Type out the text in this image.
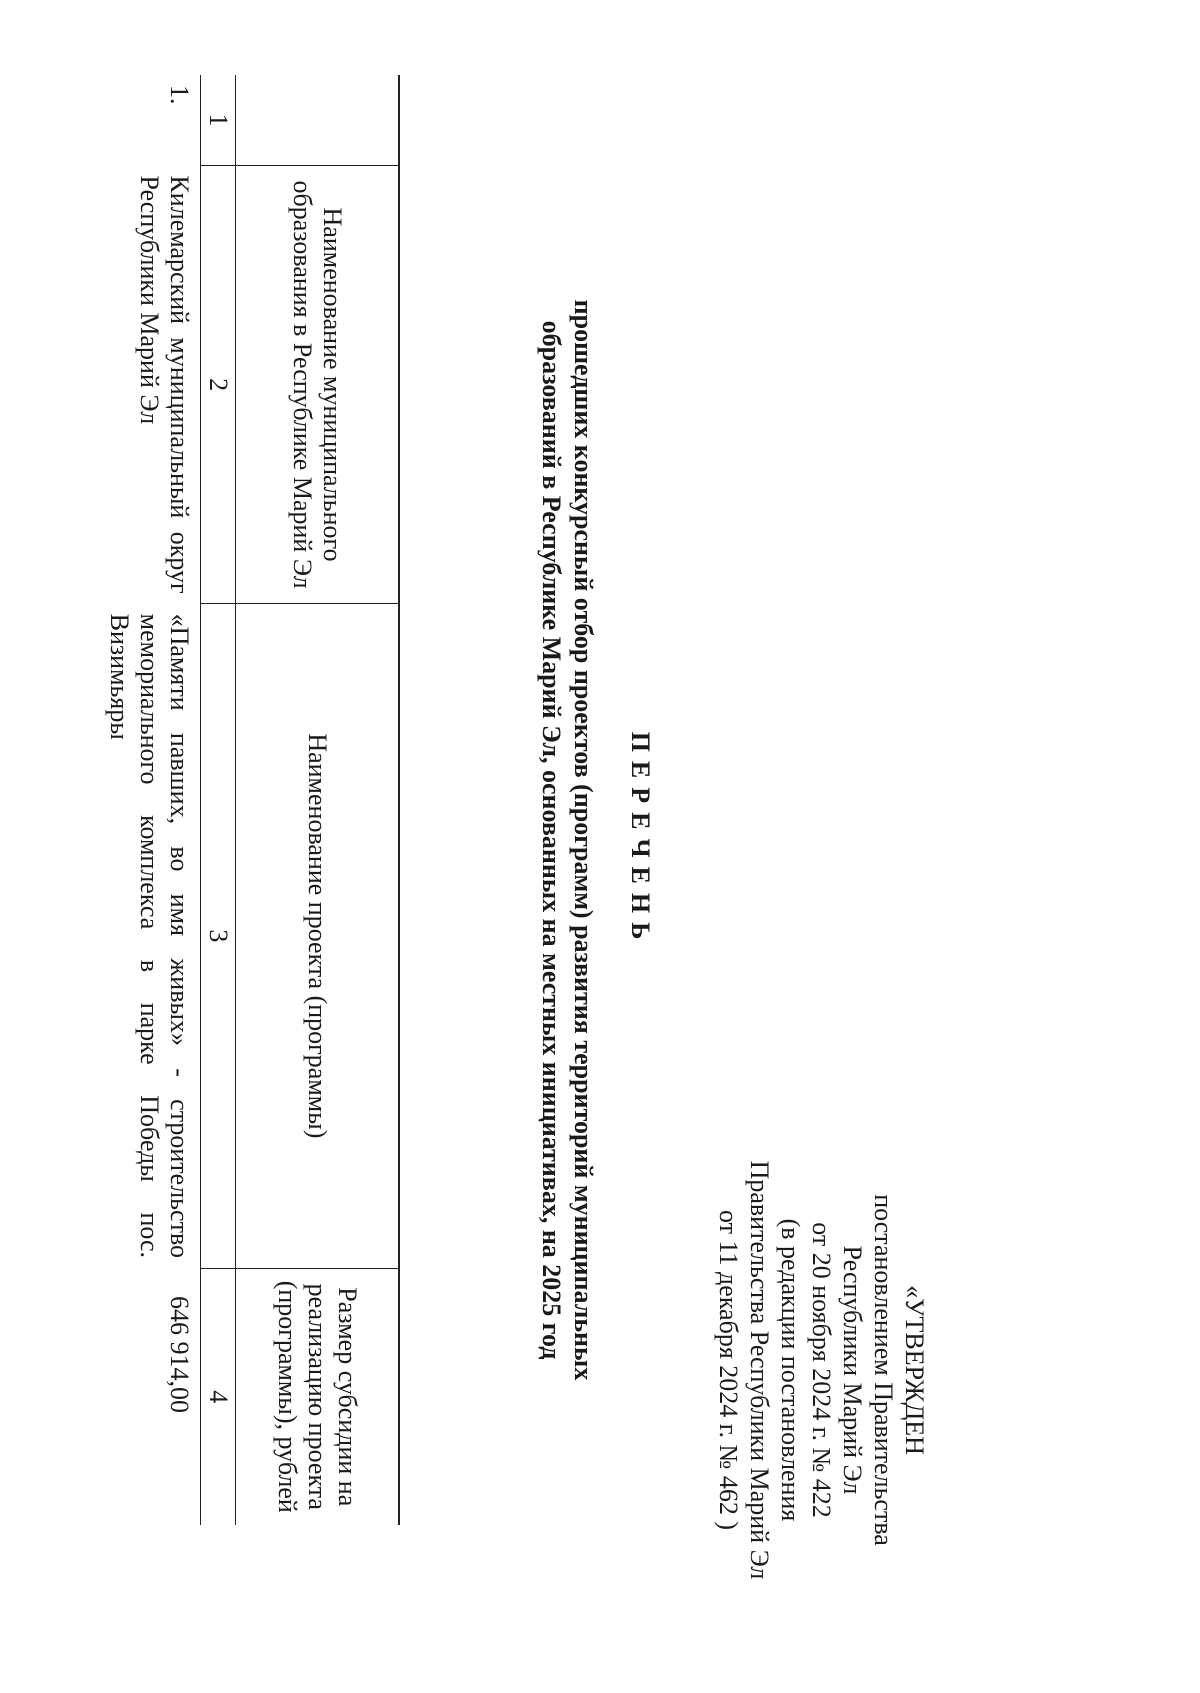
«УТВЕРЖДЕН
постановлением Правительства
Республики Марий Эл
от 20 ноября 2024 г. № 422
(в редакции постановления
Правительства Республики Марий Эл
от 11 декабря 2024 г. № 462 )
ПЕРЕЧЕНЬ
прошедших конкурсный отбор проектов (программ) развития территорий муниципальных
образований в Республике Марий Эл, основанных на местных инициативах, на 2025 год
	Наименование муниципального образования в Республике Марий Эл	Наименование проекта (программы)	Размер субсидии на реализацию проекта (программы), рублей
1	2	3	4
1.	Килемарский муниципальный округ Республики Марий Эл	«Памяти павших, во имя живых» - строительство мемориального комплекса в парке Победы пос. Визимьяры	646 914,00
